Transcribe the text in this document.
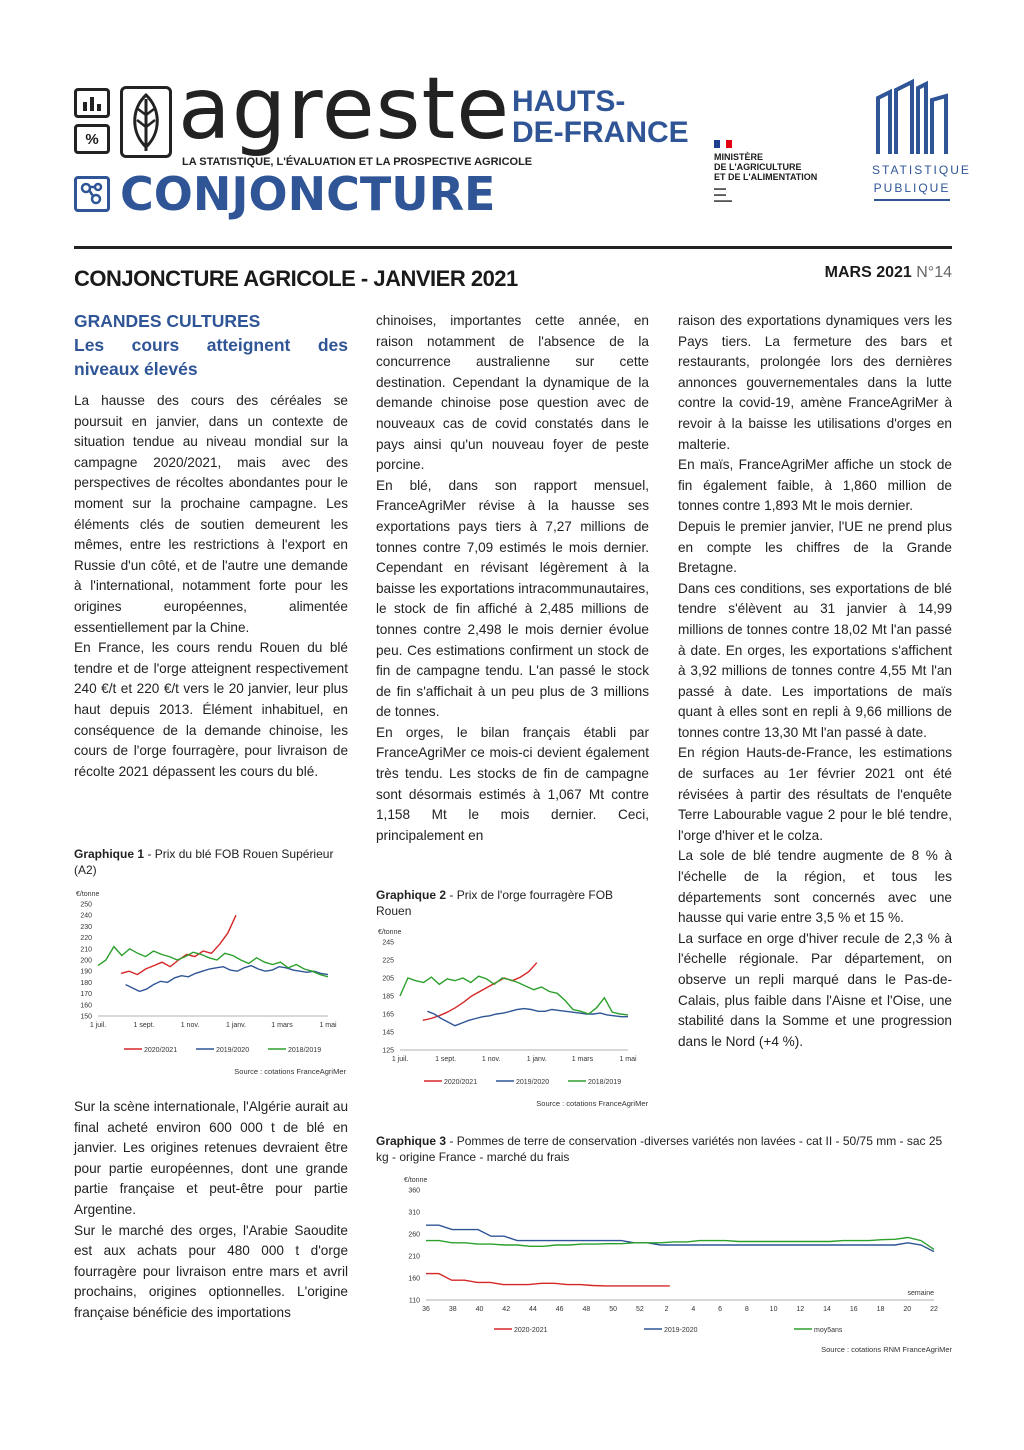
% agreste
LA STATISTIQUE, L'ÉVALUATION ET LA PROSPECTIVE AGRICOLE
HAUTS-
DE-FRANCE
CONJONCTURE
MINISTÈRE
DE L'AGRICULTURE
ET DE L'ALIMENTATION
▬▬
▬▬
▬▬▬
STATISTIQUE
PUBLIQUE
CONJONCTURE AGRICOLE - JANVIER 2021	MARS 2021 N°14

GRANDES CULTURES
Les cours atteignent des niveaux élevés

La hausse des cours des céréales se poursuit en janvier, dans un contexte de situation tendue au niveau mondial sur la campagne 2020/2021, mais avec des perspectives de récoltes abondantes pour le moment sur la prochaine campagne. Les éléments clés de soutien demeurent les mêmes, entre les restrictions à l'export en Russie d'un côté, et de l'autre une demande à l'international, notamment forte pour les origines européennes, alimentée essentiellement par la Chine.

En France, les cours rendu Rouen du blé tendre et de l'orge atteignent respectivement 240 €/t et 220 €/t vers le 20 janvier, leur plus haut depuis 2013. Élément inhabituel, en conséquence de la demande chinoise, les cours de l'orge fourragère, pour livraison de récolte 2021 dépassent les cours du blé.

Graphique 1 - Prix du blé FOB Rouen Supérieur (A2)
€/tonne
250
240
230
220
210
200
190
180
170
160
150
1 juil.	1 sept.	1 nov.	1 janv.	1 mars	1 mai
2020/2021	2019/2020	2018/2019
Source : cotations FranceAgriMer

Sur la scène internationale, l'Algérie aurait au final acheté environ 600 000 t de blé en janvier. Les origines retenues devraient être pour partie européennes, dont une grande partie française et peut-être pour partie Argentine.

Sur le marché des orges, l'Arabie Saoudite est aux achats pour 480 000 t d'orge fourragère pour livraison entre mars et avril prochains, origines optionnelles. L'origine française bénéficie des importations

chinoises, importantes cette année, en raison notamment de l'absence de la concurrence australienne sur cette destination. Cependant la dynamique de la demande chinoise pose question avec de nouveaux cas de covid constatés dans le pays ainsi qu'un nouveau foyer de peste porcine.

En blé, dans son rapport mensuel, FranceAgriMer révise à la hausse ses exportations pays tiers à 7,27 millions de tonnes contre 7,09 estimés le mois dernier. Cependant en révisant légèrement à la baisse les exportations intracommunautaires, le stock de fin affiché à 2,485 millions de tonnes contre 2,498 le mois dernier évolue peu. Ces estimations confirment un stock de fin de campagne tendu. L'an passé le stock de fin s'affichait à un peu plus de 3 millions de tonnes.

En orges, le bilan français établi par FranceAgriMer ce mois-ci devient également très tendu. Les stocks de fin de campagne sont désormais estimés à 1,067 Mt contre 1,158 Mt le mois dernier. Ceci, principalement en

Graphique 2 - Prix de l'orge fourragère FOB Rouen
€/tonne
245
225
205
185
165
145
125
1 juil.	1 sept.	1 nov.	1 janv.	1 mars	1 mai
2020/2021	2019/2020	2018/2019
Source : cotations FranceAgriMer

raison des exportations dynamiques vers les Pays tiers. La fermeture des bars et restaurants, prolongée lors des dernières annonces gouvernementales dans la lutte contre la covid-19, amène FranceAgriMer à revoir à la baisse les utilisations d'orges en malterie.

En maïs, FranceAgriMer affiche un stock de fin également faible, à 1,860 million de tonnes contre 1,893 Mt le mois dernier.

Depuis le premier janvier, l'UE ne prend plus en compte les chiffres de la Grande Bretagne.

Dans ces conditions, ses exportations de blé tendre s'élèvent au 31 janvier à 14,99 millions de tonnes contre 18,02 Mt l'an passé à date. En orges, les exportations s'affichent à 3,92 millions de tonnes contre 4,55 Mt l'an passé à date. Les importations de maïs quant à elles sont en repli à 9,66 millions de tonnes contre 13,30 Mt l'an passé à date.

En région Hauts-de-France, les estimations de surfaces au 1er février 2021 ont été révisées à partir des résultats de l'enquête Terre Labourable vague 2 pour le blé tendre, l'orge d'hiver et le colza.

La sole de blé tendre augmente de 8 % à l'échelle de la région, et tous les départements sont concernés avec une hausse qui varie entre 3,5 % et 15 %.

La surface en orge d'hiver recule de 2,3 % à l'échelle régionale. Par département, on observe un repli marqué dans le Pas-de-Calais, plus faible dans l'Aisne et l'Oise, une stabilité dans la Somme et une progression dans le Nord (+4 %).

Graphique 3 - Pommes de terre de conservation -diverses variétés non lavées - cat II - 50/75 mm - sac 25 kg - origine France - marché du frais
€/tonne
360
310
260
210
160
110
36	38	40	42	44	46	48	50	52	2	4	6	8	10	12	14	16	18	20	22
semaine
2020-2021	2019-2020	moy5ans
Source : cotations RNM FranceAgriMer
